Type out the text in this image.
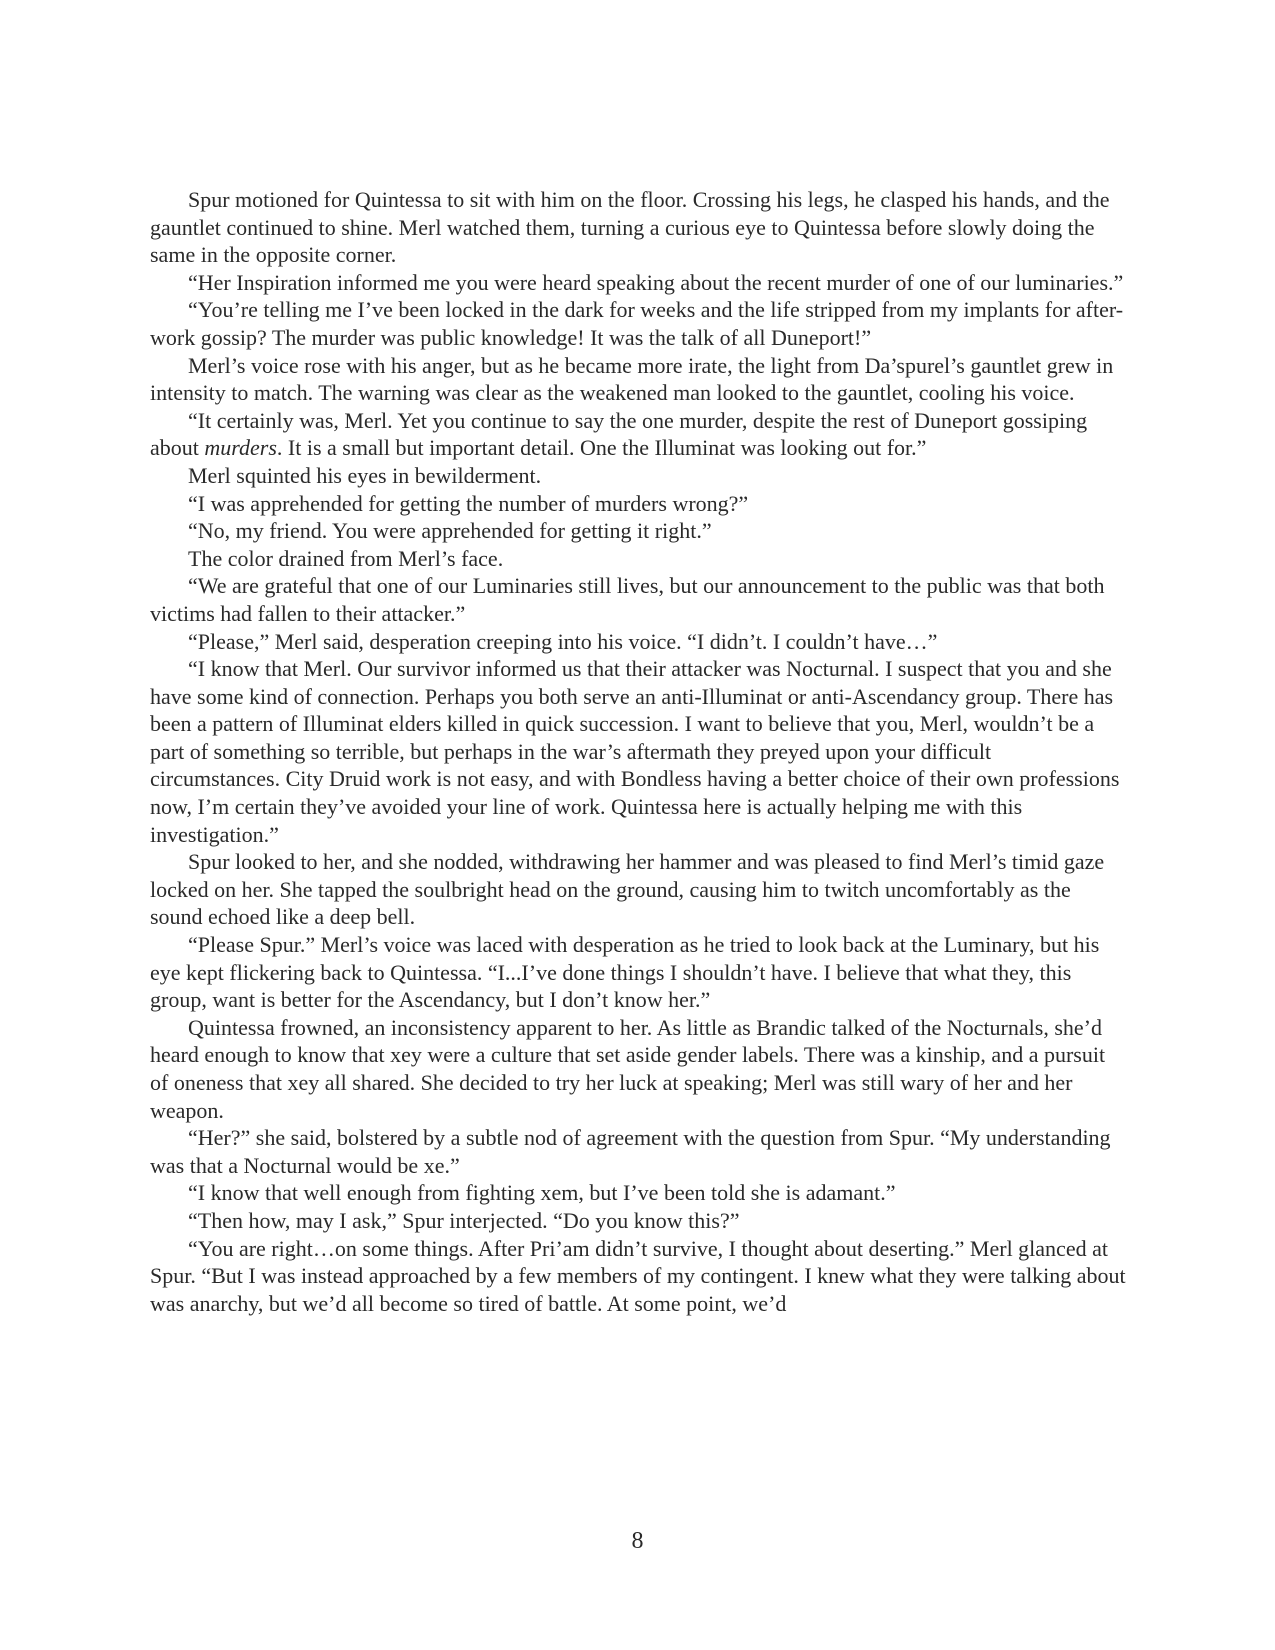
Spur motioned for Quintessa to sit with him on the floor. Crossing his legs, he clasped his hands, and the gauntlet continued to shine. Merl watched them, turning a curious eye to Quintessa before slowly doing the same in the opposite corner.

“Her Inspiration informed me you were heard speaking about the recent murder of one of our luminaries.”

“You’re telling me I’ve been locked in the dark for weeks and the life stripped from my implants for after-work gossip? The murder was public knowledge! It was the talk of all Duneport!”

Merl’s voice rose with his anger, but as he became more irate, the light from Da’spurel’s gauntlet grew in intensity to match. The warning was clear as the weakened man looked to the gauntlet, cooling his voice.

“It certainly was, Merl. Yet you continue to say the one murder, despite the rest of Duneport gossiping about murders. It is a small but important detail. One the Illuminat was looking out for.”

Merl squinted his eyes in bewilderment.

“I was apprehended for getting the number of murders wrong?”

“No, my friend. You were apprehended for getting it right.”

The color drained from Merl’s face.

“We are grateful that one of our Luminaries still lives, but our announcement to the public was that both victims had fallen to their attacker.”

“Please,” Merl said, desperation creeping into his voice. “I didn’t. I couldn’t have…”

“I know that Merl. Our survivor informed us that their attacker was Nocturnal. I suspect that you and she have some kind of connection. Perhaps you both serve an anti-Illuminat or anti-Ascendancy group. There has been a pattern of Illuminat elders killed in quick succession. I want to believe that you, Merl, wouldn’t be a part of something so terrible, but perhaps in the war’s aftermath they preyed upon your difficult circumstances. City Druid work is not easy, and with Bondless having a better choice of their own professions now, I’m certain they’ve avoided your line of work. Quintessa here is actually helping me with this investigation.”

Spur looked to her, and she nodded, withdrawing her hammer and was pleased to find Merl’s timid gaze locked on her. She tapped the soulbright head on the ground, causing him to twitch uncomfortably as the sound echoed like a deep bell.

“Please Spur.” Merl’s voice was laced with desperation as he tried to look back at the Luminary, but his eye kept flickering back to Quintessa. “I...I’ve done things I shouldn’t have. I believe that what they, this group, want is better for the Ascendancy, but I don’t know her.”

Quintessa frowned, an inconsistency apparent to her. As little as Brandic talked of the Nocturnals, she’d heard enough to know that xey were a culture that set aside gender labels. There was a kinship, and a pursuit of oneness that xey all shared. She decided to try her luck at speaking; Merl was still wary of her and her weapon.

“Her?” she said, bolstered by a subtle nod of agreement with the question from Spur. “My understanding was that a Nocturnal would be xe.”

“I know that well enough from fighting xem, but I’ve been told she is adamant.”

“Then how, may I ask,” Spur interjected. “Do you know this?”

“You are right…on some things. After Pri’am didn’t survive, I thought about deserting.” Merl glanced at Spur. “But I was instead approached by a few members of my contingent. I knew what they were talking about was anarchy, but we’d all become so tired of battle. At some point, we’d

8
